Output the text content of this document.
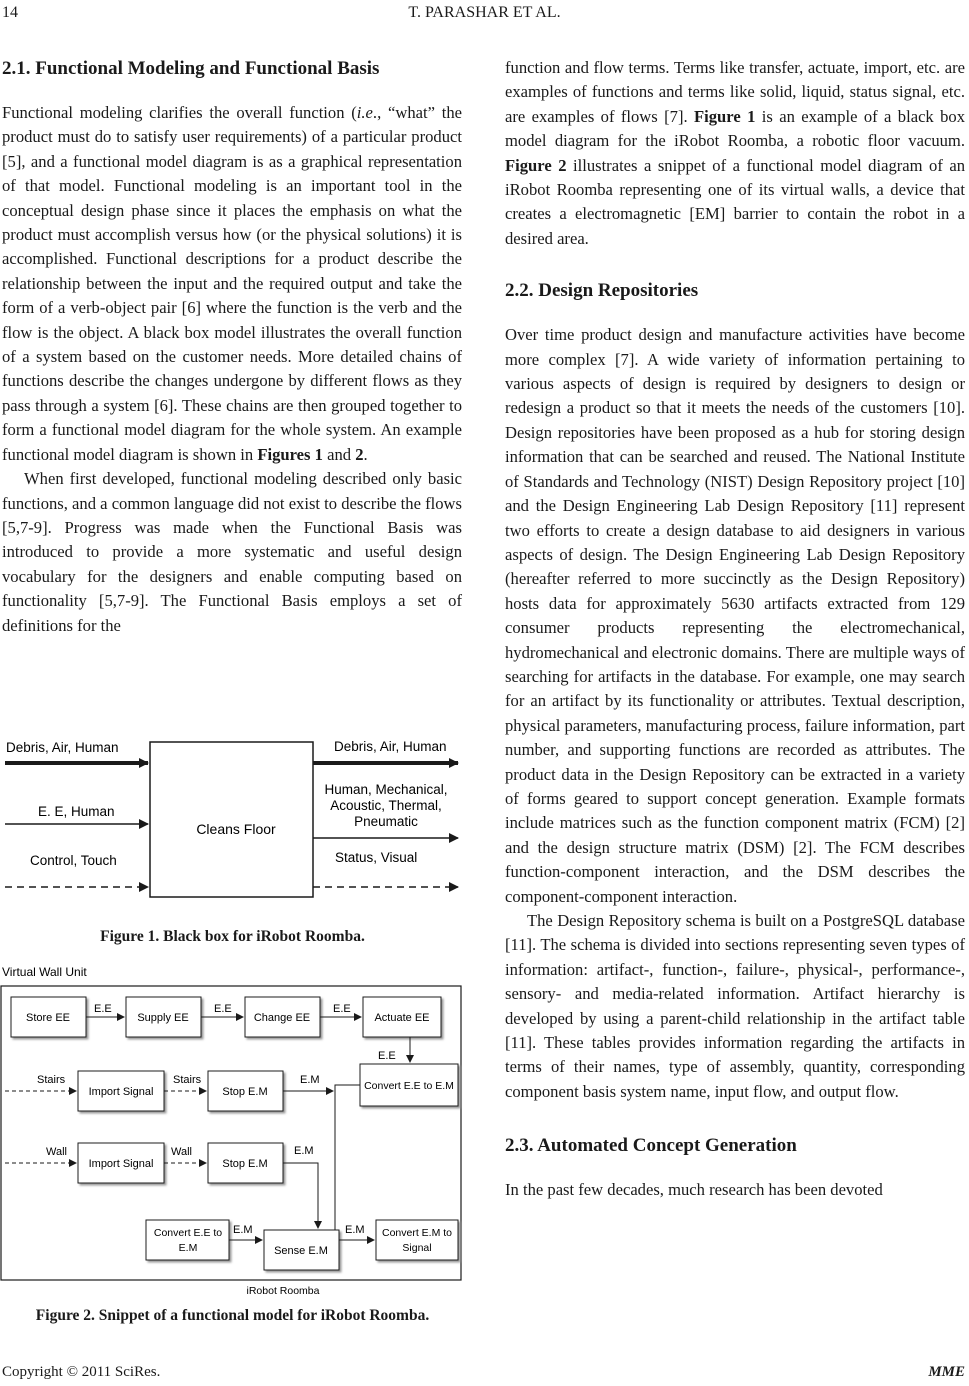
14	T. PARASHAR ET AL.
2.1. Functional Modeling and Functional Basis

Functional modeling clarifies the overall function (i.e., “what” the product must do to satisfy user requirements) of a particular product [5], and a functional model diagram is as a graphical representation of that model. Functional modeling is an important tool in the conceptual design phase since it places the emphasis on what the product must accomplish versus how (or the physical solutions) it is accomplished. Functional descriptions for a product describe the relationship between the input and the required output and take the form of a verb-object pair [6] where the function is the verb and the flow is the object. A black box model illustrates the overall function of a system based on the customer needs. More detailed chains of functions describe the changes undergone by different flows as they pass through a system [6]. These chains are then grouped together to form a functional model diagram for the whole system. An example functional model diagram is shown in Figures 1 and 2.

When first developed, functional modeling described only basic functions, and a common language did not exist to describe the flows [5,7-9]. Progress was made when the Functional Basis was introduced to provide a more systematic and useful design vocabulary for the designers and enable computing based on functionality [5,7-9]. The Functional Basis employs a set of definitions for the

Cleans Floor
Debris, Air, Human
E. E, Human
Control, Touch
Debris, Air, Human
Human, Mechanical,
Acoustic, Thermal,
Pneumatic
Status, Visual
Figure 1. Black box for iRobot Roomba.
Virtual Wall Unit
Store EE	Supply EE	Change EE	Actuate EE
E.E	E.E	E.E
E.E
Convert E.E to E.M
Stairs
Import Signal
Stairs
Stop E.M
E.M
Wall
Import Signal
Wall
Stop E.M
E.M
Convert E.E to
E.M
E.M
Sense E.M
E.M Convert E.M to
Signal
iRobot Roomba
Figure 2. Snippet of a functional model for iRobot Roomba.

function and flow terms. Terms like transfer, actuate, import, etc. are examples of functions and terms like solid, liquid, status signal, etc. are examples of flows [7]. Figure 1 is an example of a black box model diagram for the iRobot Roomba, a robotic floor vacuum. Figure 2 illustrates a snippet of a functional model diagram of an iRobot Roomba representing one of its virtual walls, a device that creates a electromagnetic [EM] barrier to contain the robot in a desired area.

2.2. Design Repositories

Over time product design and manufacture activities have become more complex [7]. A wide variety of information pertaining to various aspects of design is required by designers to design or redesign a product so that it meets the needs of the customers [10]. Design repositories have been proposed as a hub for storing design information that can be searched and reused. The National Institute of Standards and Technology (NIST) Design Repository project [10] and the Design Engineering Lab Design Repository [11] represent two efforts to create a design database to aid designers in various aspects of design. The Design Engineering Lab Design Repository (hereafter referred to more succinctly as the Design Repository) hosts data for approximately 5630 artifacts extracted from 129 consumer products representing the electromechanical, hydromechanical and electronic domains. There are multiple ways of searching for artifacts in the database. For example, one may search for an artifact by its functionality or attributes. Textual description, physical parameters, manufacturing process, failure information, part number, and supporting functions are recorded as attributes. The product data in the Design Repository can be extracted in a variety of forms geared to support concept generation. Example formats include matrices such as the function component matrix (FCM) [2] and the design structure matrix (DSM) [2]. The FCM describes function-component interaction, and the DSM describes the component-component interaction.

The Design Repository schema is built on a PostgreSQL database [11]. The schema is divided into sections representing seven types of information: artifact-, function-, failure-, physical-, performance-, sensory- and media-related information. Artifact hierarchy is developed by using a parent-child relationship in the artifact table [11]. These tables provides information regarding the artifacts in terms of their names, type of assembly, quantity, corresponding component basis system name, input flow, and output flow.

2.3. Automated Concept Generation

In the past few decades, much research has been devoted

Copyright © 2011 SciRes.	MME
